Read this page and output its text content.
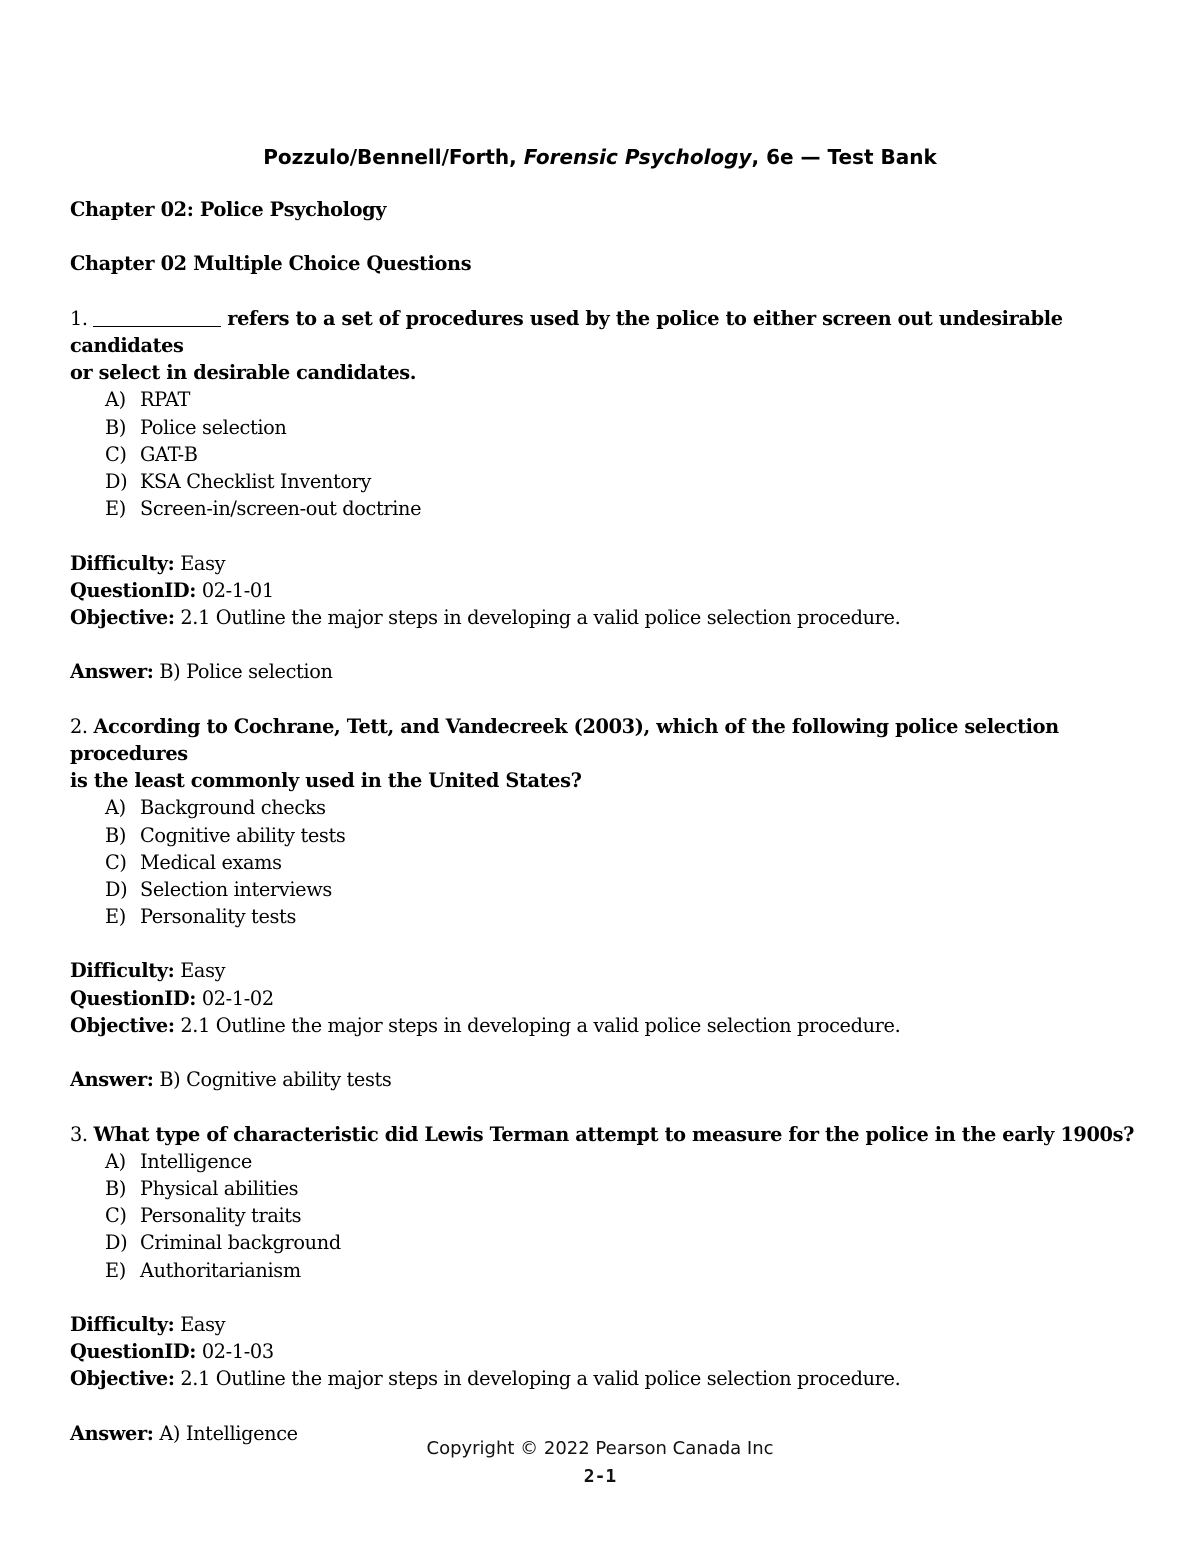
Pozzulo/Bennell/Forth, Forensic Psychology, 6e — Test Bank
Chapter 02: Police Psychology
Chapter 02 Multiple Choice Questions
1.	refers to a set of procedures used by the police to either screen out undesirable candidates
or select in desirable candidates.
A) RPAT
B) Police selection
C) GAT-B
D) KSA Checklist Inventory
E) Screen-in/screen-out doctrine
Difficulty: Easy
QuestionID: 02-1-01
Objective: 2.1 Outline the major steps in developing a valid police selection procedure.
Answer: B) Police selection
2. According to Cochrane, Tett, and Vandecreek (2003), which of the following police selection procedures
is the least commonly used in the United States?
A) Background checks
B) Cognitive ability tests
C) Medical exams
D) Selection interviews
E) Personality tests
Difficulty: Easy
QuestionID: 02-1-02
Objective: 2.1 Outline the major steps in developing a valid police selection procedure.
Answer: B) Cognitive ability tests
3. What type of characteristic did Lewis Terman attempt to measure for the police in the early 1900s?
A) Intelligence
B) Physical abilities
C) Personality traits
D) Criminal background
E) Authoritarianism
Difficulty: Easy
QuestionID: 02-1-03
Objective: 2.1 Outline the major steps in developing a valid police selection procedure.
Answer: A) Intelligence
Copyright © 2022 Pearson Canada Inc
2-1
